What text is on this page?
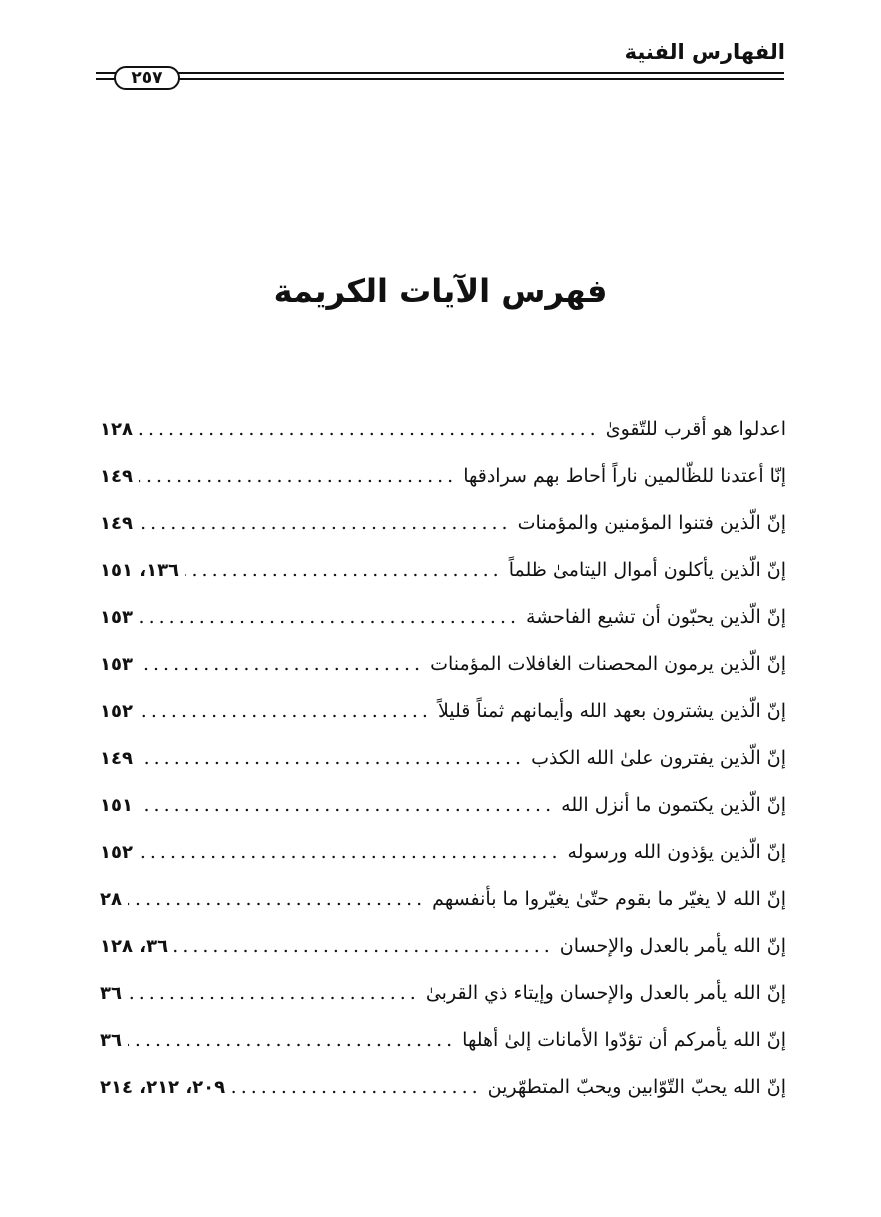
الفهارس الفنية
٢٥٧
فهرس الآيات الكريمة
اعدلوا هو أقرب للتّقوىٰ
.....
١٢٨
إنّا أعتدنا للظّالمين ناراً أحاط بهم سرادقها
.....
١٤٩
إنّ الّذين فتنوا المؤمنين والمؤمنات
.....
١٤٩
إنّ الّذين يأكلون أموال اليتامىٰ ظلماً
.....
١٣٦، ١٥١
إنّ الّذين يحبّون أن تشيع الفاحشة
.....
١٥٣
إنّ الّذين يرمون المحصنات الغافلات المؤمنات
.....
١٥٣
إنّ الّذين يشترون بعهد الله وأيمانهم ثمناً قليلاً
.....
١٥٢
إنّ الّذين يفترون علىٰ الله الكذب
.....
١٤٩
إنّ الّذين يكتمون ما أنزل الله
.....
١٥١
إنّ الّذين يؤذون الله ورسوله
.....
١٥٢
إنّ الله لا يغيّر ما بقوم حتّىٰ يغيّروا ما بأنفسهم
.....
٢٨
إنّ الله يأمر بالعدل والإحسان
.....
٣٦، ١٢٨
إنّ الله يأمر بالعدل والإحسان وإيتاء ذي القربىٰ
.....
٣٦
إنّ الله يأمركم أن تؤدّوا الأمانات إلىٰ أهلها
.....
٣٦
إنّ الله يحبّ التّوّابين ويحبّ المتطهّرين
.....
٢٠٩، ٢١٢، ٢١٤
